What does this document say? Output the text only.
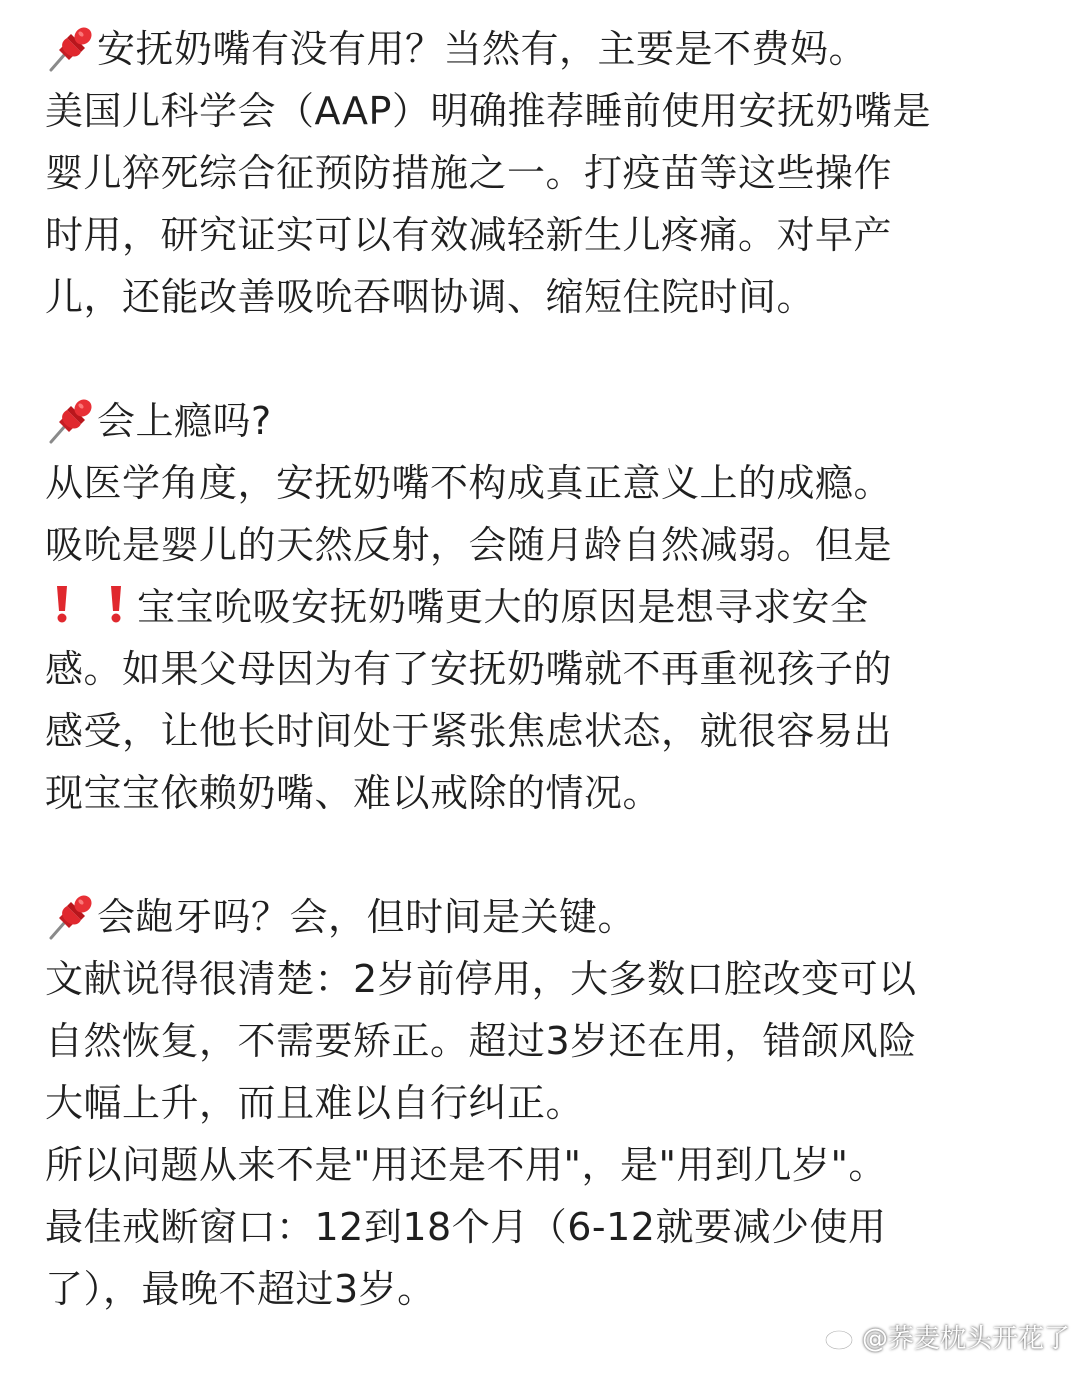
安抚奶嘴有没有用？当然有，主要是不费妈。
美国儿科学会（AAP）明确推荐睡前使用安抚奶嘴是
婴儿猝死综合征预防措施之一。打疫苗等这些操作
时用，研究证实可以有效减轻新生儿疼痛。对早产
儿，还能改善吸吮吞咽协调、缩短住院时间。
会上瘾吗?
从医学角度，安抚奶嘴不构成真正意义上的成瘾。
吸吮是婴儿的天然反射，会随月龄自然减弱。但是
宝宝吮吸安抚奶嘴更大的原因是想寻求安全
感。如果父母因为有了安抚奶嘴就不再重视孩子的
感受，让他长时间处于紧张焦虑状态，就很容易出
现宝宝依赖奶嘴、难以戒除的情况。
会龅牙吗？会，但时间是关键。
文献说得很清楚：2岁前停用，大多数口腔改变可以
自然恢复，不需要矫正。超过3岁还在用，错颌风险
大幅上升，而且难以自行纠正。
所以问题从来不是"用还是不用"，是"用到几岁"。
最佳戒断窗口：12到18个月（6-12就要减少使用
了），最晚不超过3岁。
@荞麦枕头开花了
